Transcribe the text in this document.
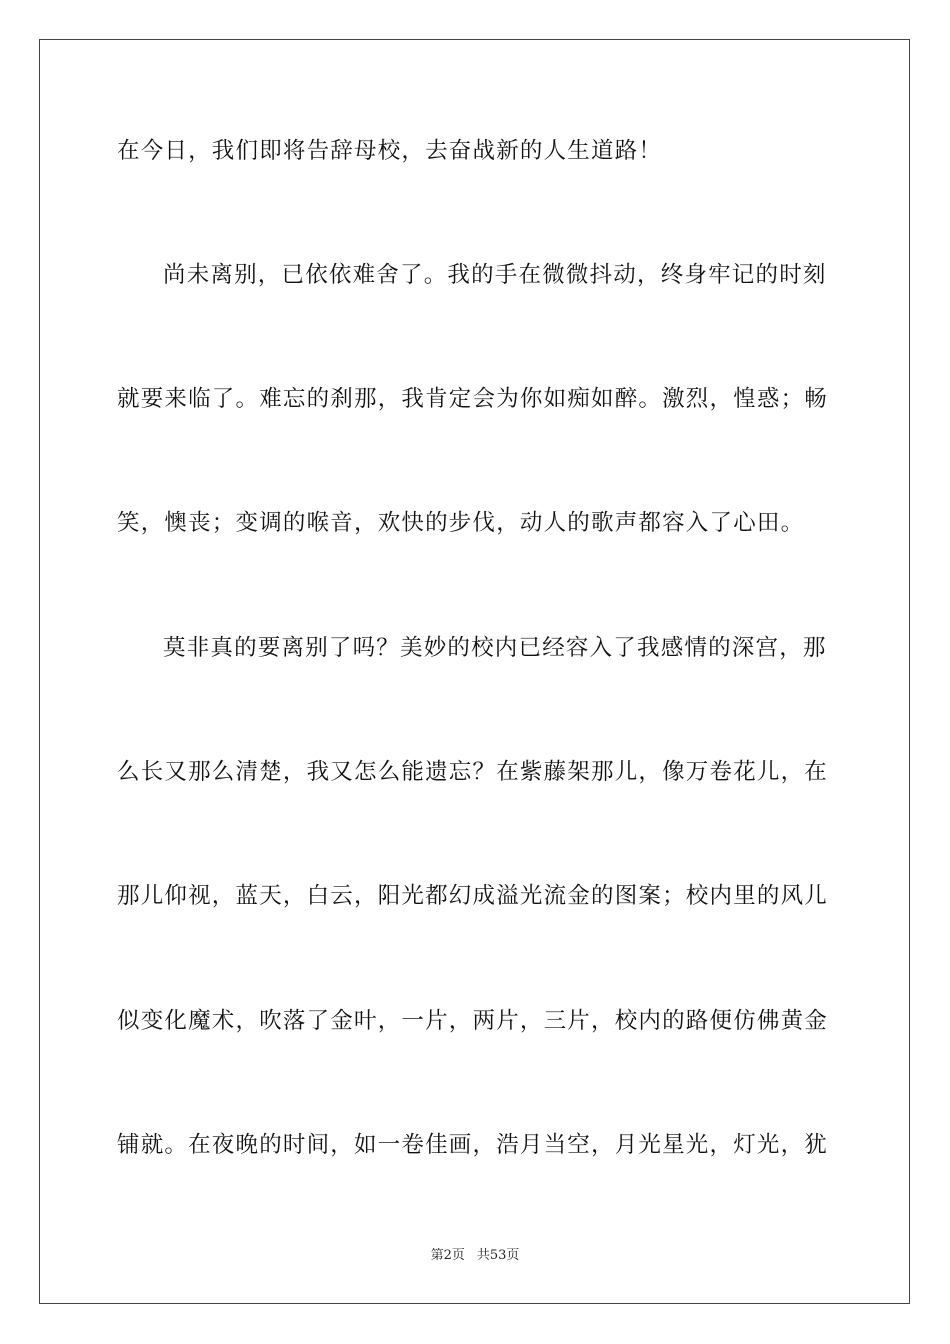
在今日，我们即将告辞母校，去奋战新的人生道路！
尚未离别，已依依难舍了。我的手在微微抖动，终身牢记的时刻
就要来临了。难忘的刹那，我肯定会为你如痴如醉。激烈，惶惑；畅
笑，懊丧；变调的喉音，欢快的步伐，动人的歌声都容入了心田。
莫非真的要离别了吗？美妙的校内已经容入了我感情的深宫，那
么长又那么清楚，我又怎么能遗忘？在紫藤架那儿，像万卷花儿，在
那儿仰视，蓝天，白云，阳光都幻成溢光流金的图案；校内里的风儿
似变化魔术，吹落了金叶，一片，两片，三片，校内的路便仿佛黄金
铺就。在夜晚的时间，如一卷佳画，浩月当空，月光星光，灯光，犹
第2页 共53页
